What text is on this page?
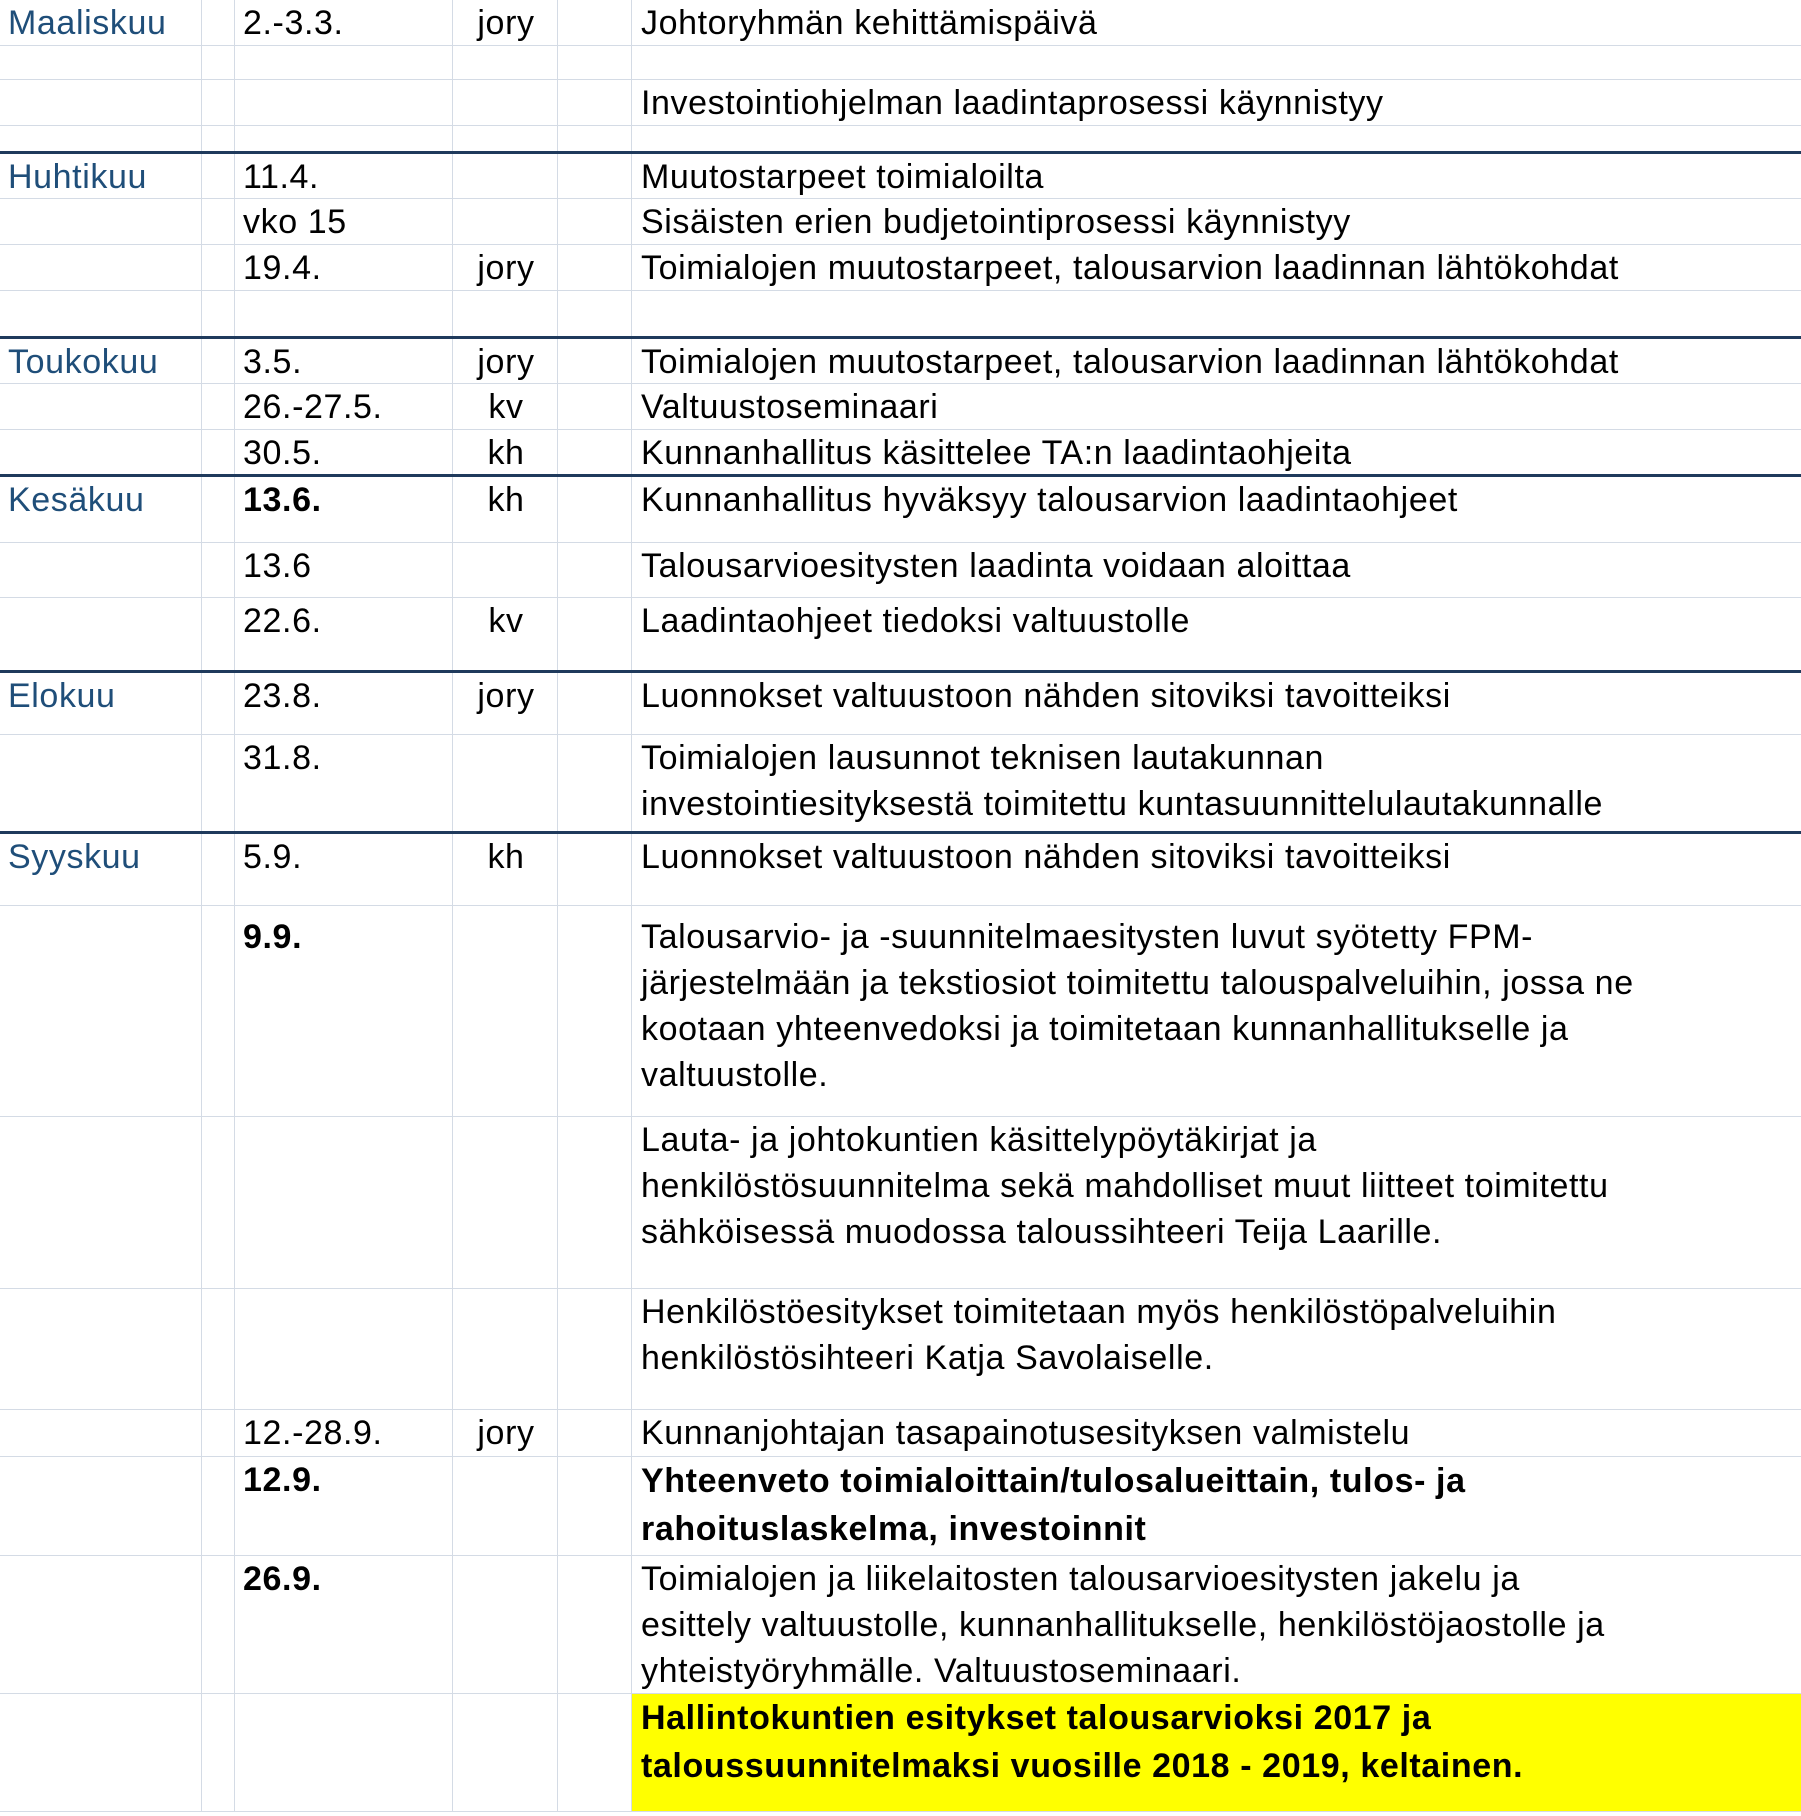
Maaliskuu 2.-3.3.	jory	Johtoryhmän kehittämispäivä
Investointiohjelman laadintaprosessi käynnistyy
Huhtikuu	11.4.	Muutostarpeet toimialoilta
vko 15	Sisäisten erien budjetointiprosessi käynnistyy
19.4.	jory	Toimialojen muutostarpeet, talousarvion laadinnan lähtökohdat
Toukokuu 3.5.	jory	Toimialojen muutostarpeet, talousarvion laadinnan lähtökohdat
26.-27.5.	kv	Valtuustoseminaari
30.5.	kh	Kunnanhallitus käsittelee TA:n laadintaohjeita
Kesäkuu	13.6.	kh	Kunnanhallitus hyväksyy talousarvion laadintaohjeet
13.6	Talousarvioesitysten laadinta voidaan aloittaa
22.6.	kv	Laadintaohjeet tiedoksi valtuustolle
Elokuu	23.8.	jory	Luonnokset valtuustoon nähden sitoviksi tavoitteiksi
31.8.	Toimialojen lausunnot teknisen lautakunnan
investointiesityksestä toimitettu kuntasuunnittelulautakunnalle
Syyskuu	5.9.	kh	Luonnokset valtuustoon nähden sitoviksi tavoitteiksi
9.9.	Talousarvio- ja -suunnitelmaesitysten luvut syötetty FPM-
järjestelmään ja tekstiosiot toimitettu talouspalveluihin, jossa ne
kootaan yhteenvedoksi ja toimitetaan kunnanhallitukselle ja
valtuustolle.
Lauta- ja johtokuntien käsittelypöytäkirjat ja
henkilöstösuunnitelma sekä mahdolliset muut liitteet toimitettu
sähköisessä muodossa taloussihteeri Teija Laarille.
Henkilöstöesitykset toimitetaan myös henkilöstöpalveluihin
henkilöstösihteeri Katja Savolaiselle.
12.-28.9.	jory	Kunnanjohtajan tasapainotusesityksen valmistelu
12.9.	Yhteenveto toimialoittain/tulosalueittain, tulos- ja
rahoituslaskelma, investoinnit
26.9.	Toimialojen ja liikelaitosten talousarvioesitysten jakelu ja
esittely valtuustolle, kunnanhallitukselle, henkilöstöjaostolle ja
yhteistyöryhmälle. Valtuustoseminaari.
Hallintokuntien esitykset talousarvioksi 2017 ja
taloussuunnitelmaksi vuosille 2018 - 2019, keltainen.
